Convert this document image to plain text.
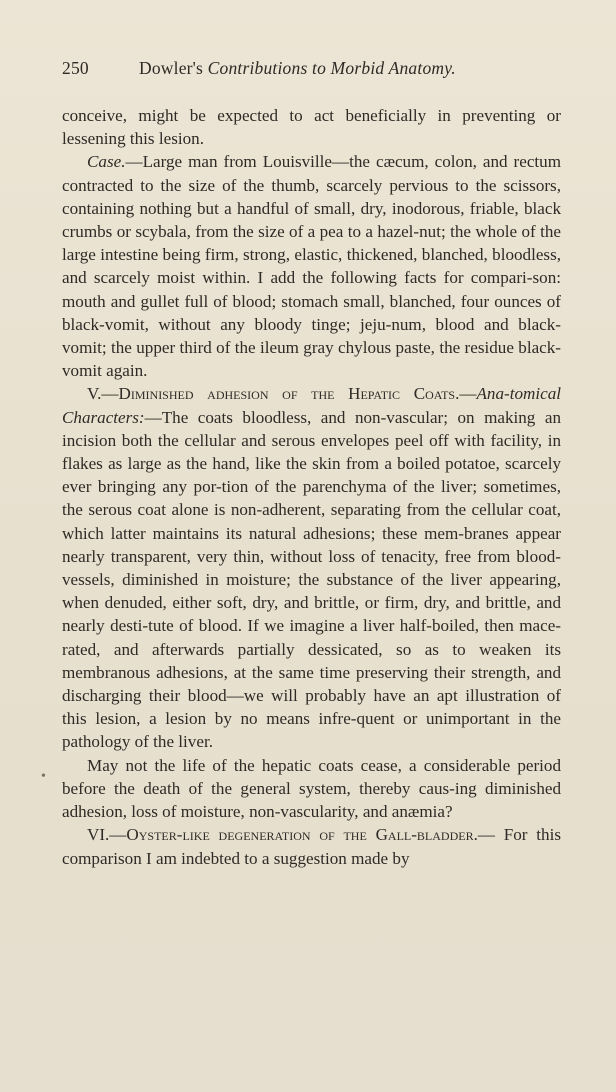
250	Dowler's Contributions to Morbid Anatomy.

conceive, might be expected to act beneficially in preventing or lessening this lesion.

Case.—Large man from Louisville—the cæcum, colon, and rectum contracted to the size of the thumb, scarcely pervious to the scissors, containing nothing but a handful of small, dry, inodorous, friable, black crumbs or scybala, from the size of a pea to a hazel-nut; the whole of the large intestine being firm, strong, elastic, thickened, blanched, bloodless, and scarcely moist within. I add the following facts for compari-son: mouth and gullet full of blood; stomach small, blanched, four ounces of black-vomit, without any bloody tinge; jeju-num, blood and black-vomit; the upper third of the ileum gray chylous paste, the residue black-vomit again.

V.—Diminished adhesion of the Hepatic Coats.—Ana-tomical Characters:—The coats bloodless, and non-vascular; on making an incision both the cellular and serous envelopes peel off with facility, in flakes as large as the hand, like the skin from a boiled potatoe, scarcely ever bringing any por-tion of the parenchyma of the liver; sometimes, the serous coat alone is non-adherent, separating from the cellular coat, which latter maintains its natural adhesions; these mem-branes appear nearly transparent, very thin, without loss of tenacity, free from blood-vessels, diminished in moisture; the substance of the liver appearing, when denuded, either soft, dry, and brittle, or firm, dry, and brittle, and nearly desti-tute of blood. If we imagine a liver half-boiled, then mace-rated, and afterwards partially dessicated, so as to weaken its membranous adhesions, at the same time preserving their strength, and discharging their blood—we will probably have an apt illustration of this lesion, a lesion by no means infre-quent or unimportant in the pathology of the liver.

May not the life of the hepatic coats cease, a considerable period before the death of the general system, thereby caus-ing diminished adhesion, loss of moisture, non-vascularity, and anæmia?

VI.—Oyster-like degeneration of the Gall-bladder.— For this comparison I am indebted to a suggestion made by

•
